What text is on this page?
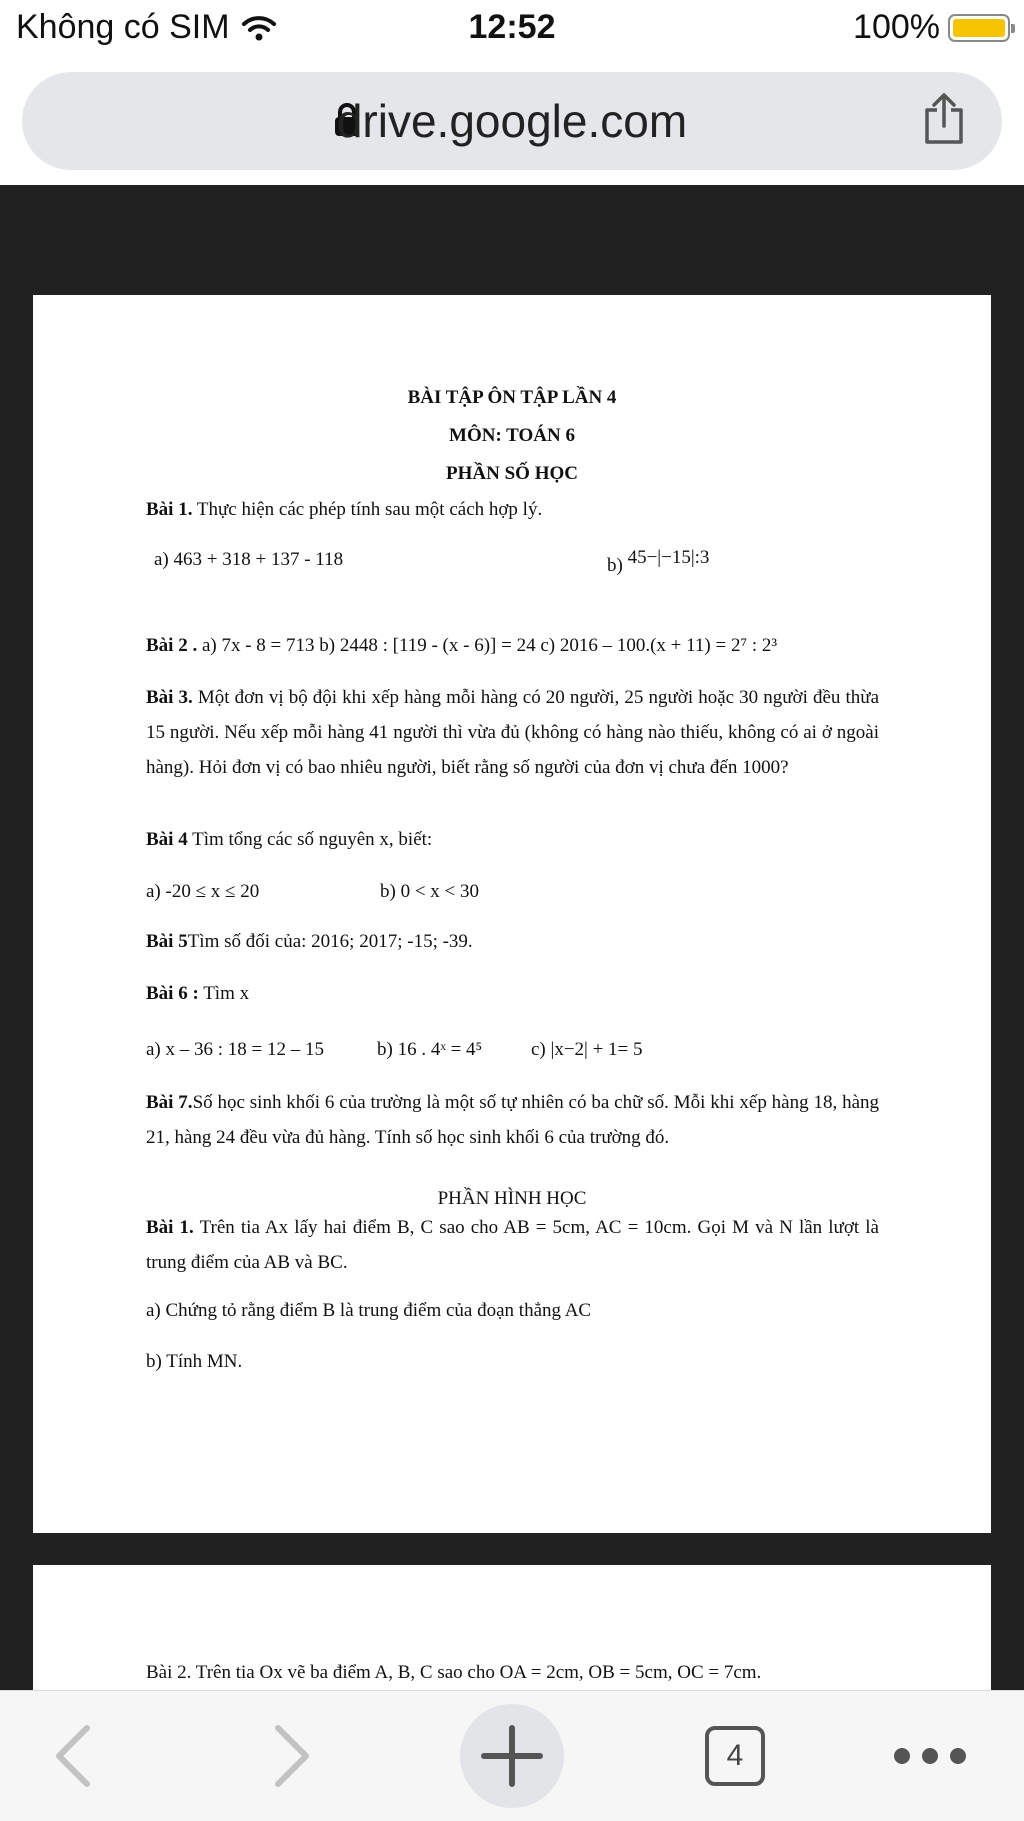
Không có SIM	12:52	100%
drive.google.com
BÀI TẬP ÔN TẬP LẦN 4
MÔN: TOÁN 6
PHẦN SỐ HỌC
Bài 1. Thực hiện các phép tính sau một cách hợp lý.
a) 463 + 318 + 137 - 118	b) 45−|−15|:3
Bài 2 . a) 7x - 8 = 713 b) 2448 : [119 - (x - 6)] = 24 c) 2016 – 100.(x + 11) = 2⁷ : 2³
Bài 3. Một đơn vị bộ đội khi xếp hàng mỗi hàng có 20 người, 25 người hoặc 30 người đều thừa 15 người. Nếu xếp mỗi hàng 41 người thì vừa đủ (không có hàng nào thiếu, không có ai ở ngoài hàng). Hỏi đơn vị có bao nhiêu người, biết rằng số người của đơn vị chưa đến 1000?
Bài 4 Tìm tổng các số nguyên x, biết:
a) -20 ≤ x ≤ 20	b) 0 < x < 30
Bài 5Tìm số đối của: 2016; 2017; -15; -39.
Bài 6 : Tìm x
a) x – 36 : 18 = 12 – 15	b) 16 . 4ˣ = 4⁵	c) |x−2| + 1= 5
Bài 7.Số học sinh khối 6 của trường là một số tự nhiên có ba chữ số. Mỗi khi xếp hàng 18, hàng 21, hàng 24 đều vừa đủ hàng. Tính số học sinh khối 6 của trường đó.
PHẦN HÌNH HỌC
Bài 1. Trên tia Ax lấy hai điểm B, C sao cho AB = 5cm, AC = 10cm. Gọi M và N lần lượt là trung điểm của AB và BC.
a) Chứng tỏ rằng điểm B là trung điểm của đoạn thẳng AC
b) Tính MN.
Bài 2. Trên tia Ox vẽ ba điểm A, B, C sao cho OA = 2cm, OB = 5cm, OC = 7cm.
4
